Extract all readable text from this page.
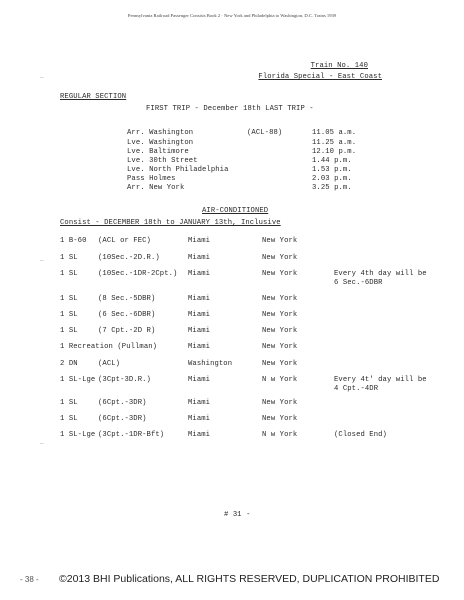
Pennsylvania Railroad Passenger Consists Book 2 · New York and Philadelphia to Washington, D.C. Trains 1939
Train No. 140
Florida Special - East Coast
REGULAR SECTION
FIRST TRIP - December 18th LAST TRIP -
Arr. Washington	(ACL-88)	11.05 a.m.
Lve. Washington	11.25 a.m.
Lve. Baltimore	12.10 p.m.
Lve. 30th Street	1.44 p.m.
Lve. North Philadelphia	1.53 p.m.
Pass Holmes	2.03 p.m.
Arr. New York	3.25 p.m.
AIR-CONDITIONED
Consist - DECEMBER 18th to JANUARY 13th, Inclusive
1 B-60 (ACL or FEC)	Miami	New York
1 SL	(10Sec.-2D.R.)	Miami	New York
1 SL	(10Sec.-1DR-2Cpt.) Miami	New York	Every 4th day will be
6 Sec.-6DBR
1 SL	(8 Sec.-5DBR)	Miami	New York
1 SL	(6 Sec.-6DBR)	Miami	New York
1 SL	(7 Cpt.-2D R)	Miami	New York
1 Recreation (Pullman)	Miami	New York
2 DN	(ACL)	Washington	New York
1 SL-Lge (3Cpt-3D.R.)	Miami	N w York	Every 4t' day will be
4 Cpt.-4DR
1 SL	(6Cpt.-3DR)	Miami	New York
1 SL	(6Cpt.-3DR)	Miami	New York
1 SL-Lge (3Cpt.-1DR-Bft)	Miami	N w York	(Closed End)
# 31 -
—
—
—
- 38 - ©2013 BHI Publications, ALL RIGHTS RESERVED, DUPLICATION PROHIBITED
